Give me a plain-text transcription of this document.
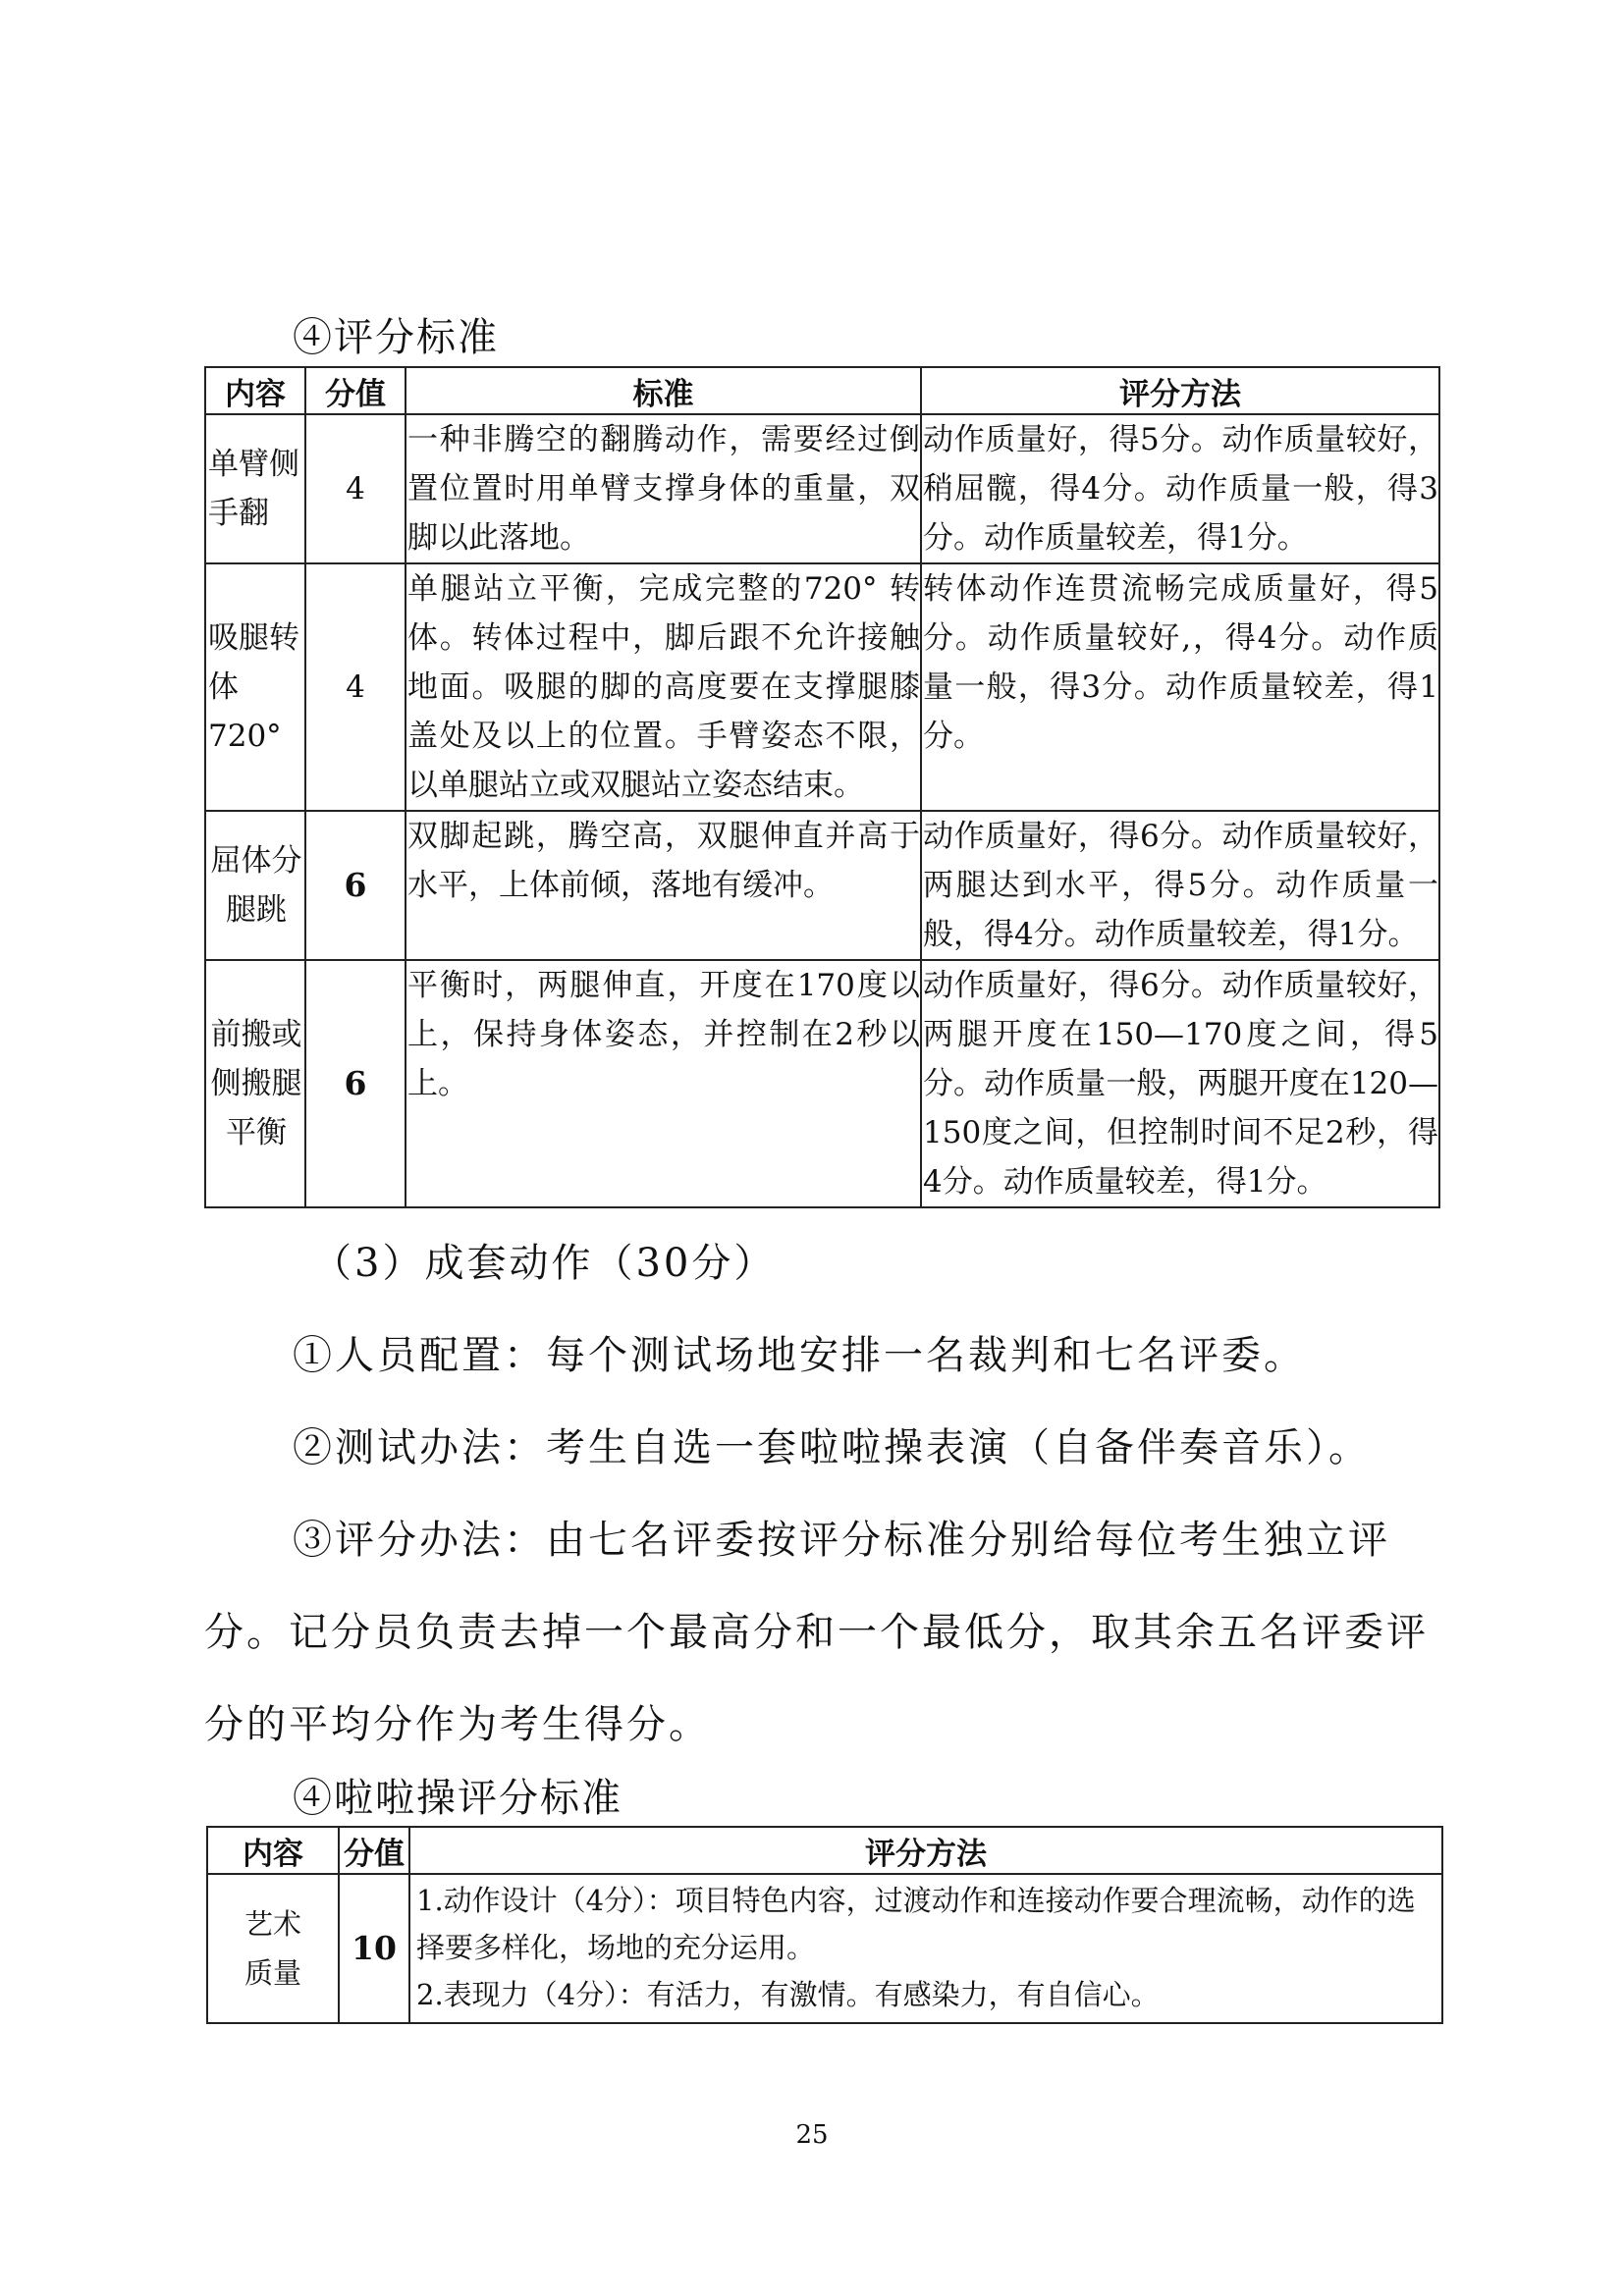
④评分标准
内容	分值	标准	评分方法
单臂侧手翻	4	一种非腾空的翻腾动作，需要经过倒置位置时用单臂支撑身体的重量，双脚以此落地。	动作质量好，得5分。动作质量较好，稍屈髋，得4分。动作质量一般，得3分。动作质量较差，得1分。
吸腿转体720°	4	单腿站立平衡，完成完整的720° 转体。转体过程中，脚后跟不允许接触地面。吸腿的脚的高度要在支撑腿膝盖处及以上的位置。手臂姿态不限，以单腿站立或双腿站立姿态结束。	转体动作连贯流畅完成质量好，得5分。动作质量较好,，得4分。动作质量一般，得3分。动作质量较差，得1分。
屈体分腿跳	6	双脚起跳，腾空高，双腿伸直并高于水平，上体前倾，落地有缓冲。	动作质量好，得6分。动作质量较好，两腿达到水平，得5分。动作质量一般，得4分。动作质量较差，得1分。
前搬或侧搬腿平衡	6	平衡时，两腿伸直，开度在170度以上，保持身体姿态，并控制在2秒以上。	动作质量好，得6分。动作质量较好，两腿开度在150—170度之间，得5分。动作质量一般，两腿开度在120—150度之间，但控制时间不足2秒，得4分。动作质量较差，得1分。
（3）成套动作（30分）
①人员配置：每个测试场地安排一名裁判和七名评委。
②测试办法：考生自选一套啦啦操表演（自备伴奏音乐）。
③评分办法：由七名评委按评分标准分别给每位考生独立评分。记分员负责去掉一个最高分和一个最低分，取其余五名评委评分的平均分作为考生得分。
④啦啦操评分标准
内容	分值	评分方法

艺术质量	10	1.动作设计（4分）：项目特色内容，过渡动作和连接动作要合理流畅，动作的选择要多样化，场地的充分运用。
2.表现力（4分）：有活力，有激情。有感染力，有自信心。
25
